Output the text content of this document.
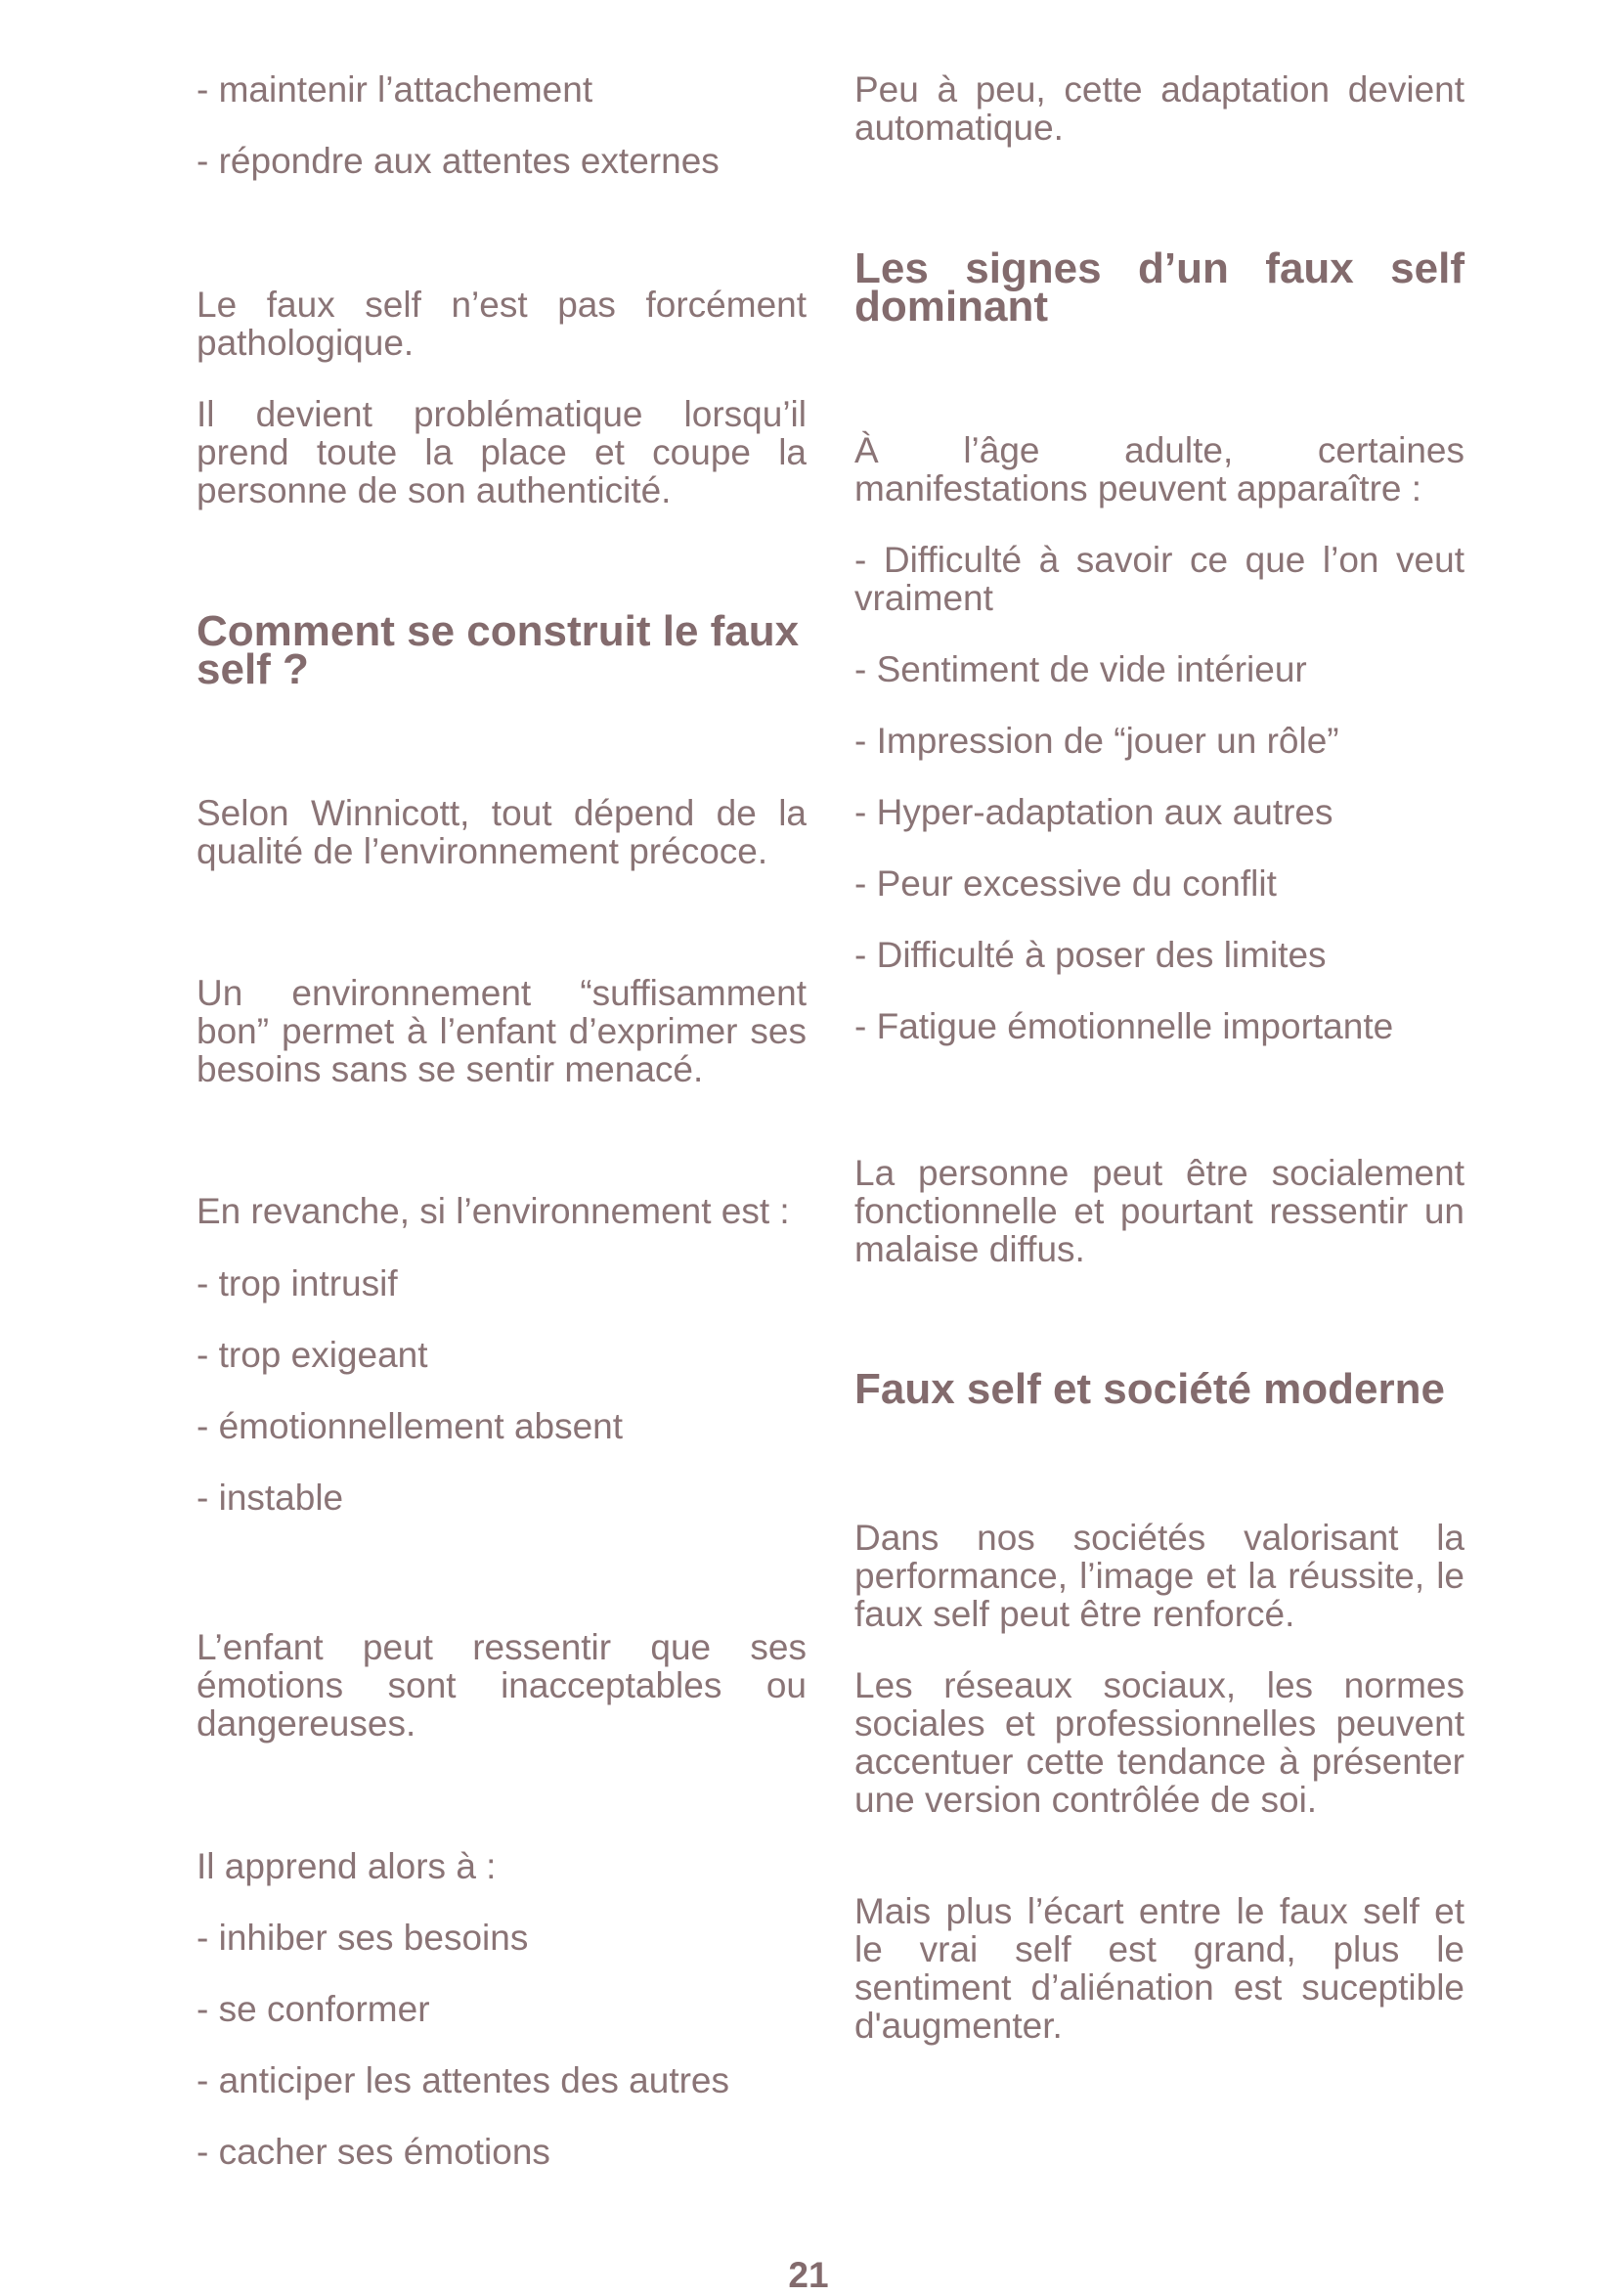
- maintenir l’attachement

- répondre aux attentes externes

Le faux self n’est pas forcément pathologique.

Il devient problématique lorsqu’il prend toute la place et coupe la personne de son authenticité.

Comment se construit le faux self ?

Selon Winnicott, tout dépend de la qualité de l’environnement précoce.

Un environnement “suffisamment bon” permet à l’enfant d’exprimer ses besoins sans se sentir menacé.

En revanche, si l’environnement est :

- trop intrusif

- trop exigeant

- émotionnellement absent

- instable

L’enfant peut ressentir que ses émotions sont inacceptables ou dangereuses.

Il apprend alors à :

- inhiber ses besoins

- se conformer

- anticiper les attentes des autres

- cacher ses émotions

Peu à peu, cette adaptation devient automatique.

Les signes d’un faux self dominant

À l’âge adulte, certaines manifestations peuvent apparaître :

- Difficulté à savoir ce que l’on veut vraiment

- Sentiment de vide intérieur

- Impression de “jouer un rôle”

- Hyper-adaptation aux autres

- Peur excessive du conflit

- Difficulté à poser des limites

- Fatigue émotionnelle importante

La personne peut être socialement fonctionnelle et pourtant ressentir un malaise diffus.

Faux self et société moderne

Dans nos sociétés valorisant la performance, l’image et la réussite, le faux self peut être renforcé.

Les réseaux sociaux, les normes sociales et professionnelles peuvent accentuer cette tendance à présenter une version contrôlée de soi.

Mais plus l’écart entre le faux self et le vrai self est grand, plus le sentiment d’aliénation est suceptible d'augmenter.

21
